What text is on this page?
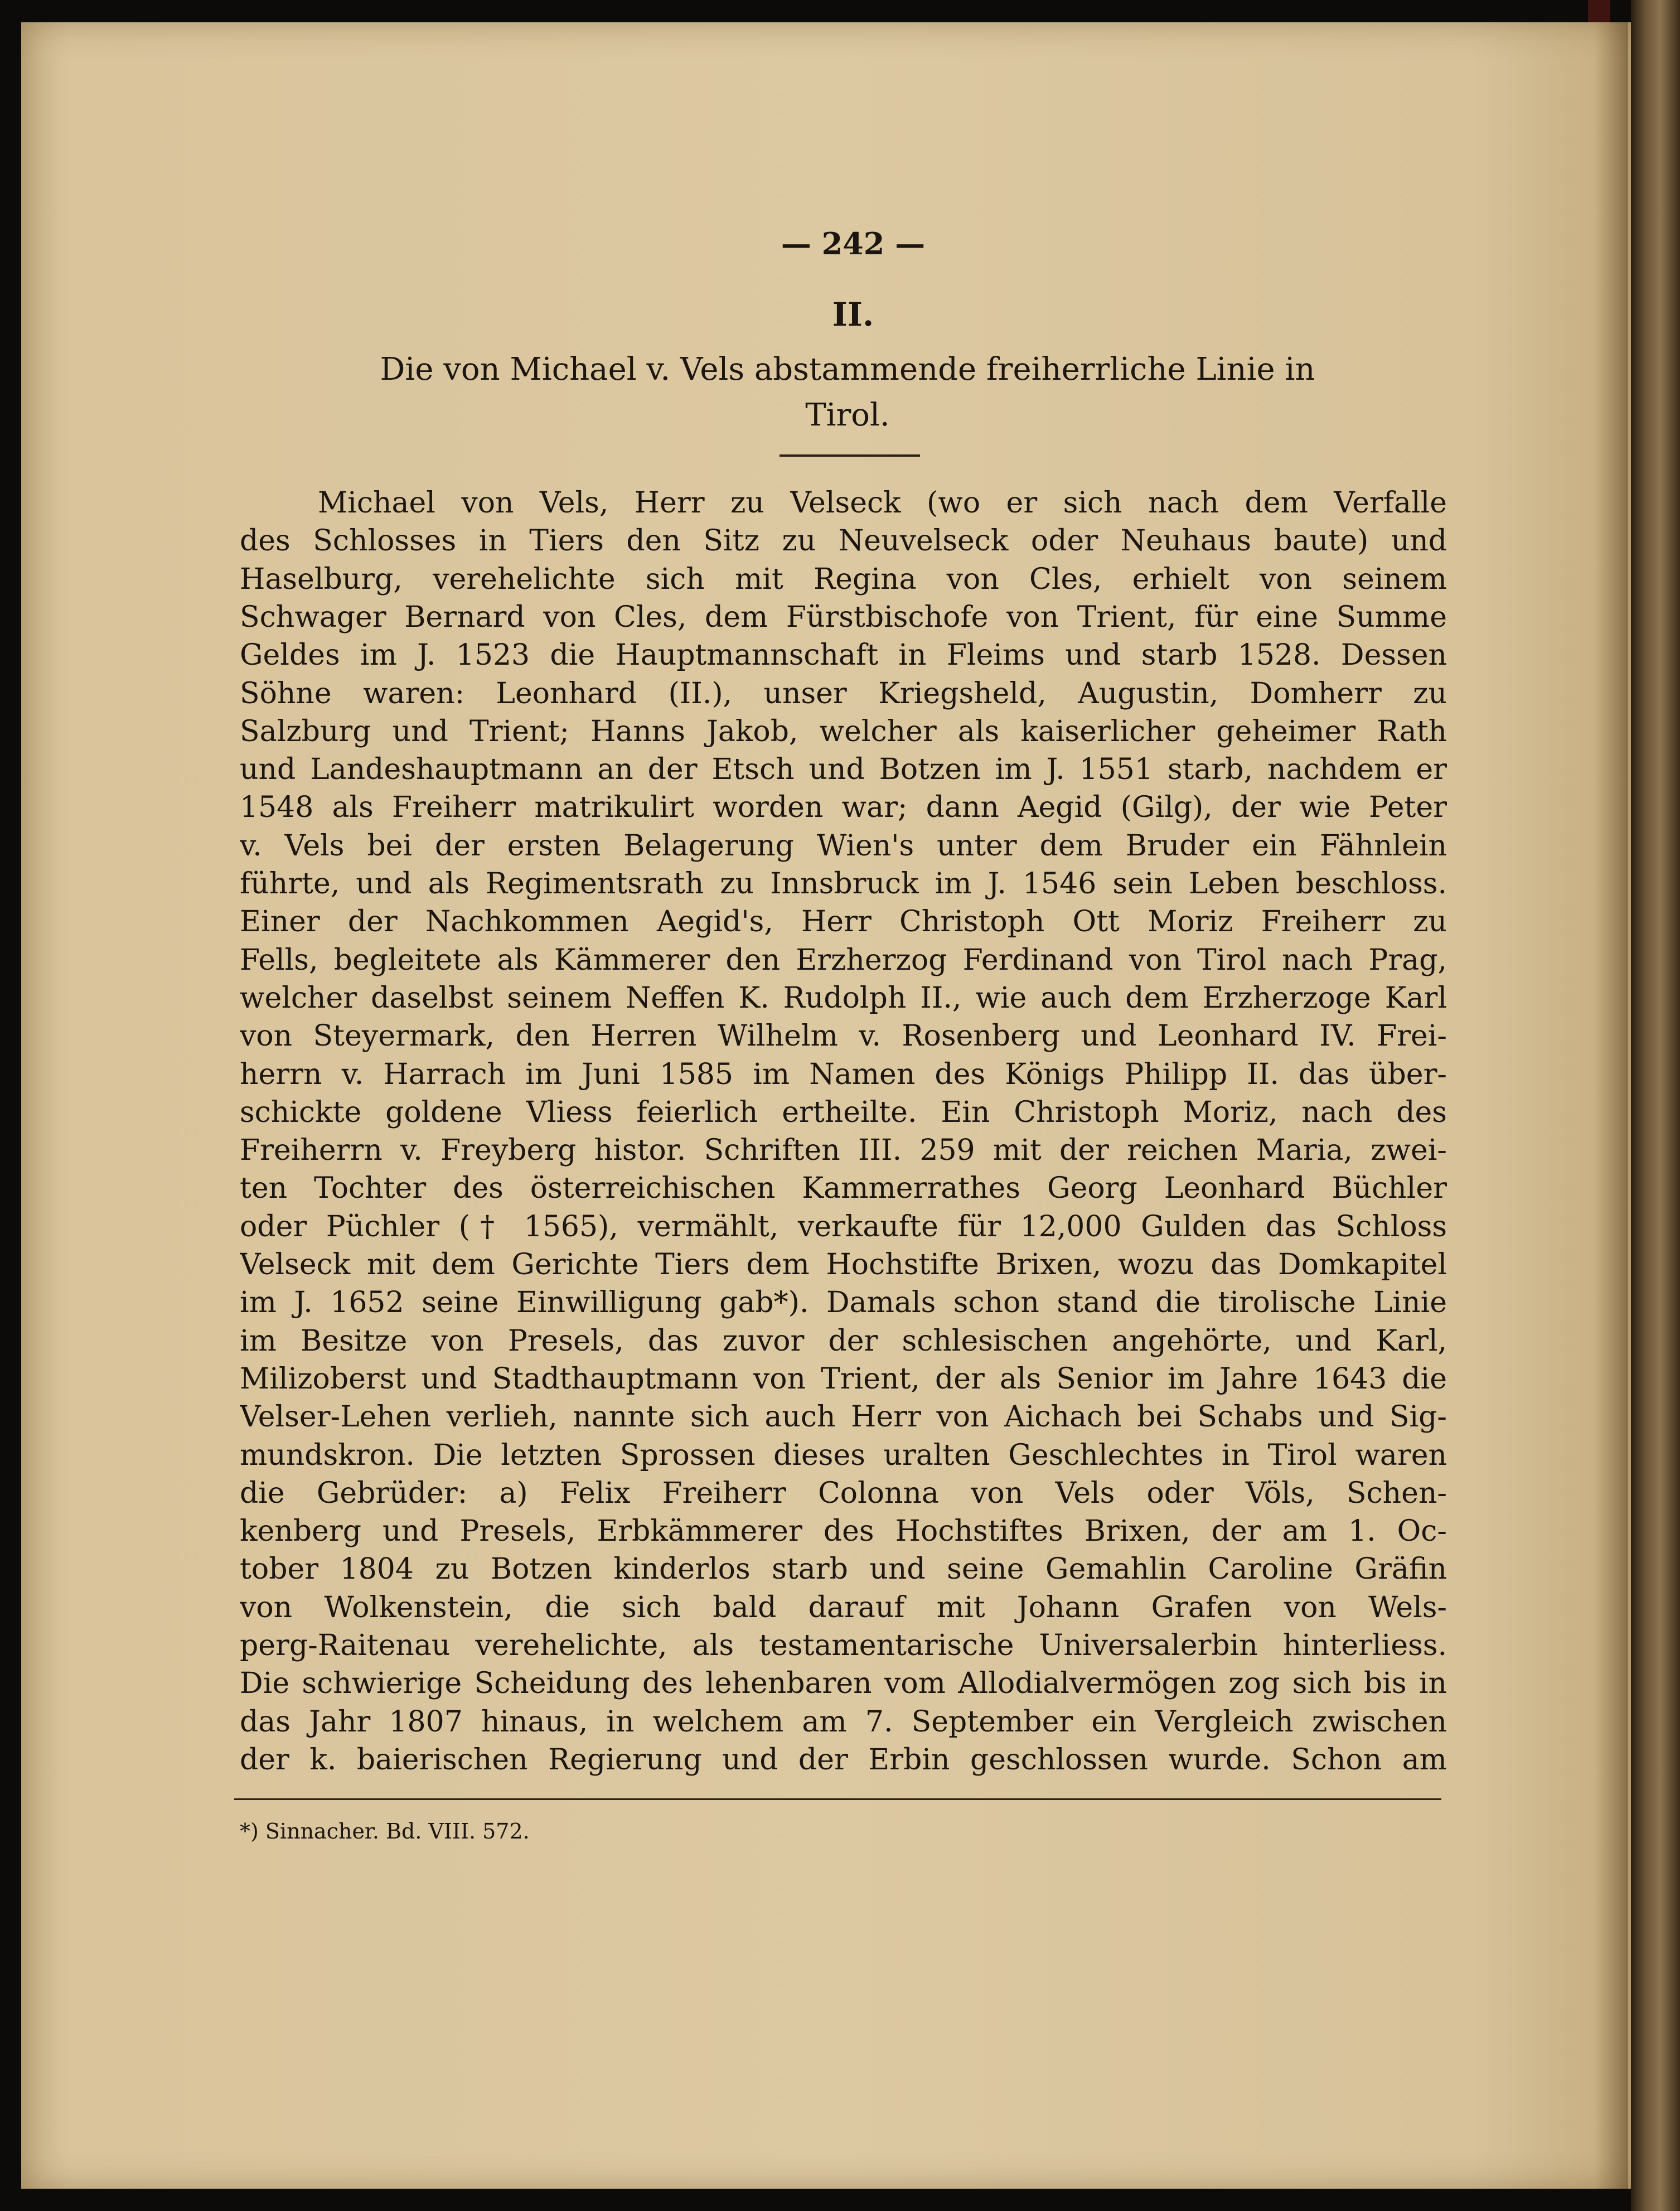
— 242 —
II.
Die von Michael v. Vels abstammende freiherrliche Linie in
Tirol.
Michael von Vels, Herr zu Velseck (wo er sich nach dem Verfalle
des Schlosses in Tiers den Sitz zu Neuvelseck oder Neuhaus baute) und
Haselburg, verehelichte sich mit Regina von Cles, erhielt von seinem
Schwager Bernard von Cles, dem Fürstbischofe von Trient, für eine Summe
Geldes im J. 1523 die Hauptmannschaft in Fleims und starb 1528. Dessen
Söhne waren: Leonhard (II.), unser Kriegsheld, Augustin, Domherr zu
Salzburg und Trient; Hanns Jakob, welcher als kaiserlicher geheimer Rath
und Landeshauptmann an der Etsch und Botzen im J. 1551 starb, nachdem er
1548 als Freiherr matrikulirt worden war; dann Aegid (Gilg), der wie Peter
v. Vels bei der ersten Belagerung Wien's unter dem Bruder ein Fähnlein
führte, und als Regimentsrath zu Innsbruck im J. 1546 sein Leben beschloss.
Einer der Nachkommen Aegid's, Herr Christoph Ott Moriz Freiherr zu
Fells, begleitete als Kämmerer den Erzherzog Ferdinand von Tirol nach Prag,
welcher daselbst seinem Neffen K. Rudolph II., wie auch dem Erzherzoge Karl
von Steyermark, den Herren Wilhelm v. Rosenberg und Leonhard IV. Frei-
herrn v. Harrach im Juni 1585 im Namen des Königs Philipp II. das über-
schickte goldene Vliess feierlich ertheilte. Ein Christoph Moriz, nach des
Freiherrn v. Freyberg histor. Schriften III. 259 mit der reichen Maria, zwei-
ten Tochter des österreichischen Kammerrathes Georg Leonhard Büchler
oder Püchler († 1565), vermählt, verkaufte für 12,000 Gulden das Schloss
Velseck mit dem Gerichte Tiers dem Hochstifte Brixen, wozu das Domkapitel
im J. 1652 seine Einwilligung gab*). Damals schon stand die tirolische Linie
im Besitze von Presels, das zuvor der schlesischen angehörte, und Karl,
Milizoberst und Stadthauptmann von Trient, der als Senior im Jahre 1643 die
Velser-Lehen verlieh, nannte sich auch Herr von Aichach bei Schabs und Sig-
mundskron. Die letzten Sprossen dieses uralten Geschlechtes in Tirol waren
die Gebrüder: a) Felix Freiherr Colonna von Vels oder Völs, Schen-
kenberg und Presels, Erbkämmerer des Hochstiftes Brixen, der am 1. Oc-
tober 1804 zu Botzen kinderlos starb und seine Gemahlin Caroline Gräfin
von Wolkenstein, die sich bald darauf mit Johann Grafen von Wels-
perg-Raitenau verehelichte, als testamentarische Universalerbin hinterliess.
Die schwierige Scheidung des lehenbaren vom Allodialvermögen zog sich bis in
das Jahr 1807 hinaus, in welchem am 7. September ein Vergleich zwischen
der k. baierischen Regierung und der Erbin geschlossen wurde. Schon am
*) Sinnacher. Bd. VIII. 572.
